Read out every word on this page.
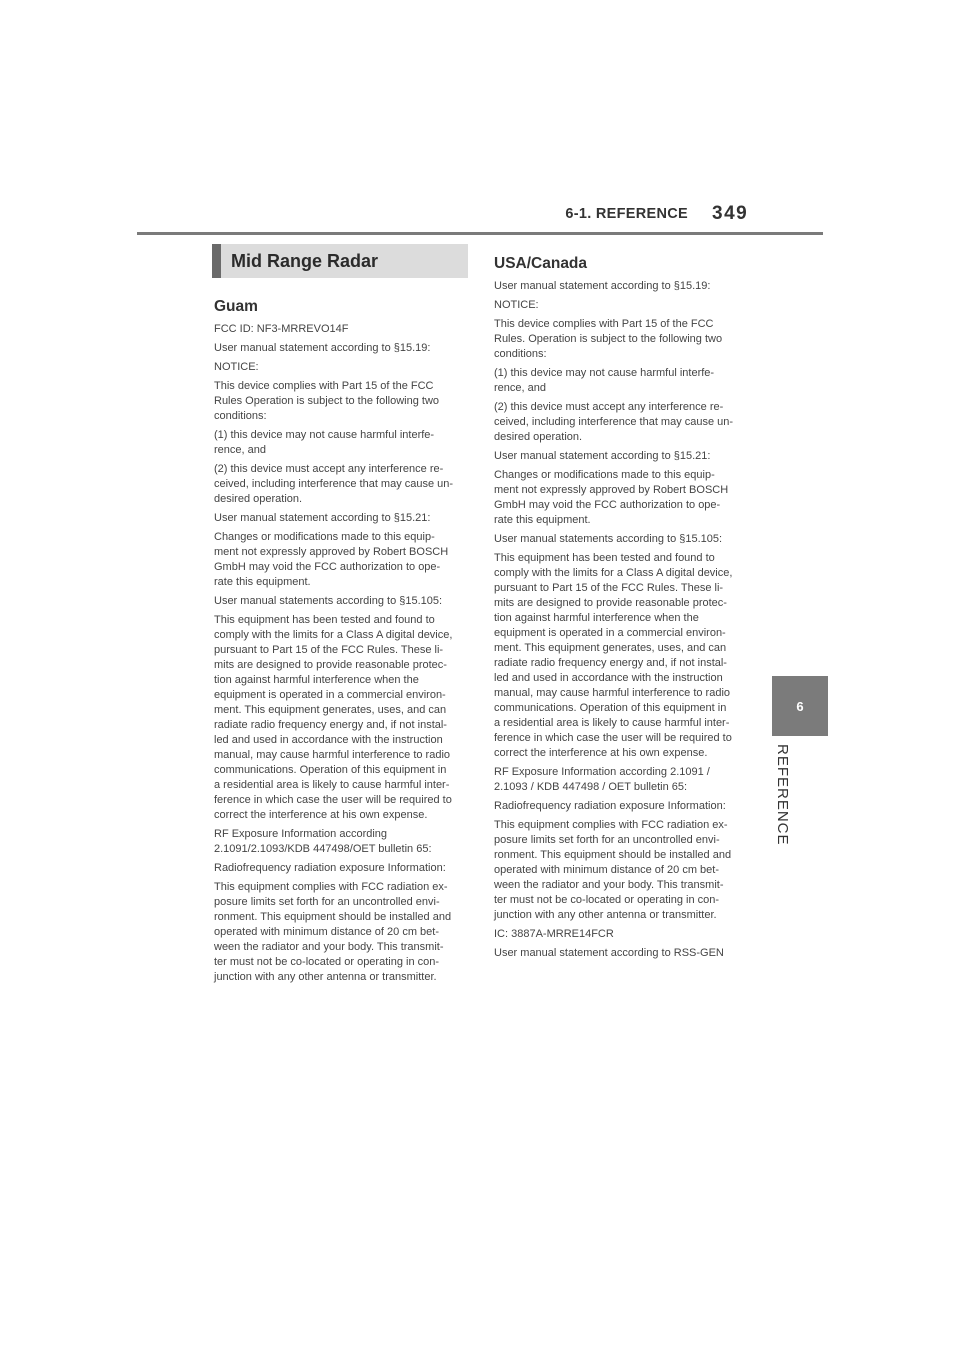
6-1. REFERENCE 349
6
REFERENCE
Mid Range Radar
Guam
FCC ID: NF3-MRREVO14F
User manual statement according to §15.19:
NOTICE:
This device complies with Part 15 of the FCC
Rules Operation is subject to the following two
conditions:
(1) this device may not cause harmful interfe-
rence, and
(2) this device must accept any interference re-
ceived, including interference that may cause un-
desired operation.
User manual statement according to §15.21:
Changes or modifications made to this equip-
ment not expressly approved by Robert BOSCH
GmbH may void the FCC authorization to ope-
rate this equipment.
User manual statements according to §15.105:
This equipment has been tested and found to
comply with the limits for a Class A digital device,
pursuant to Part 15 of the FCC Rules. These li-
mits are designed to provide reasonable protec-
tion against harmful interference when the
equipment is operated in a commercial environ-
ment. This equipment generates, uses, and can
radiate radio frequency energy and, if not instal-
led and used in accordance with the instruction
manual, may cause harmful interference to radio
communications. Operation of this equipment in
a residential area is likely to cause harmful inter-
ference in which case the user will be required to
correct the interference at his own expense.
RF Exposure Information according
2.1091/2.1093/KDB 447498/OET bulletin 65:
Radiofrequency radiation exposure Information:
This equipment complies with FCC radiation ex-
posure limits set forth for an uncontrolled envi-
ronment. This equipment should be installed and
operated with minimum distance of 20 cm bet-
ween the radiator and your body. This transmit-
ter must not be co-located or operating in con-
junction with any other antenna or transmitter.
USA/Canada
User manual statement according to §15.19:
NOTICE:
This device complies with Part 15 of the FCC
Rules. Operation is subject to the following two
conditions:
(1) this device may not cause harmful interfe-
rence, and
(2) this device must accept any interference re-
ceived, including interference that may cause un-
desired operation.
User manual statement according to §15.21:
Changes or modifications made to this equip-
ment not expressly approved by Robert BOSCH
GmbH may void the FCC authorization to ope-
rate this equipment.
User manual statements according to §15.105:
This equipment has been tested and found to
comply with the limits for a Class A digital device,
pursuant to Part 15 of the FCC Rules. These li-
mits are designed to provide reasonable protec-
tion against harmful interference when the
equipment is operated in a commercial environ-
ment. This equipment generates, uses, and can
radiate radio frequency energy and, if not instal-
led and used in accordance with the instruction
manual, may cause harmful interference to radio
communications. Operation of this equipment in
a residential area is likely to cause harmful inter-
ference in which case the user will be required to
correct the interference at his own expense.
RF Exposure Information according 2.1091 /
2.1093 / KDB 447498 / OET bulletin 65:
Radiofrequency radiation exposure Information:
This equipment complies with FCC radiation ex-
posure limits set forth for an uncontrolled envi-
ronment. This equipment should be installed and
operated with minimum distance of 20 cm bet-
ween the radiator and your body. This transmit-
ter must not be co-located or operating in con-
junction with any other antenna or transmitter.
IC: 3887A-MRRE14FCR
User manual statement according to RSS-GEN
